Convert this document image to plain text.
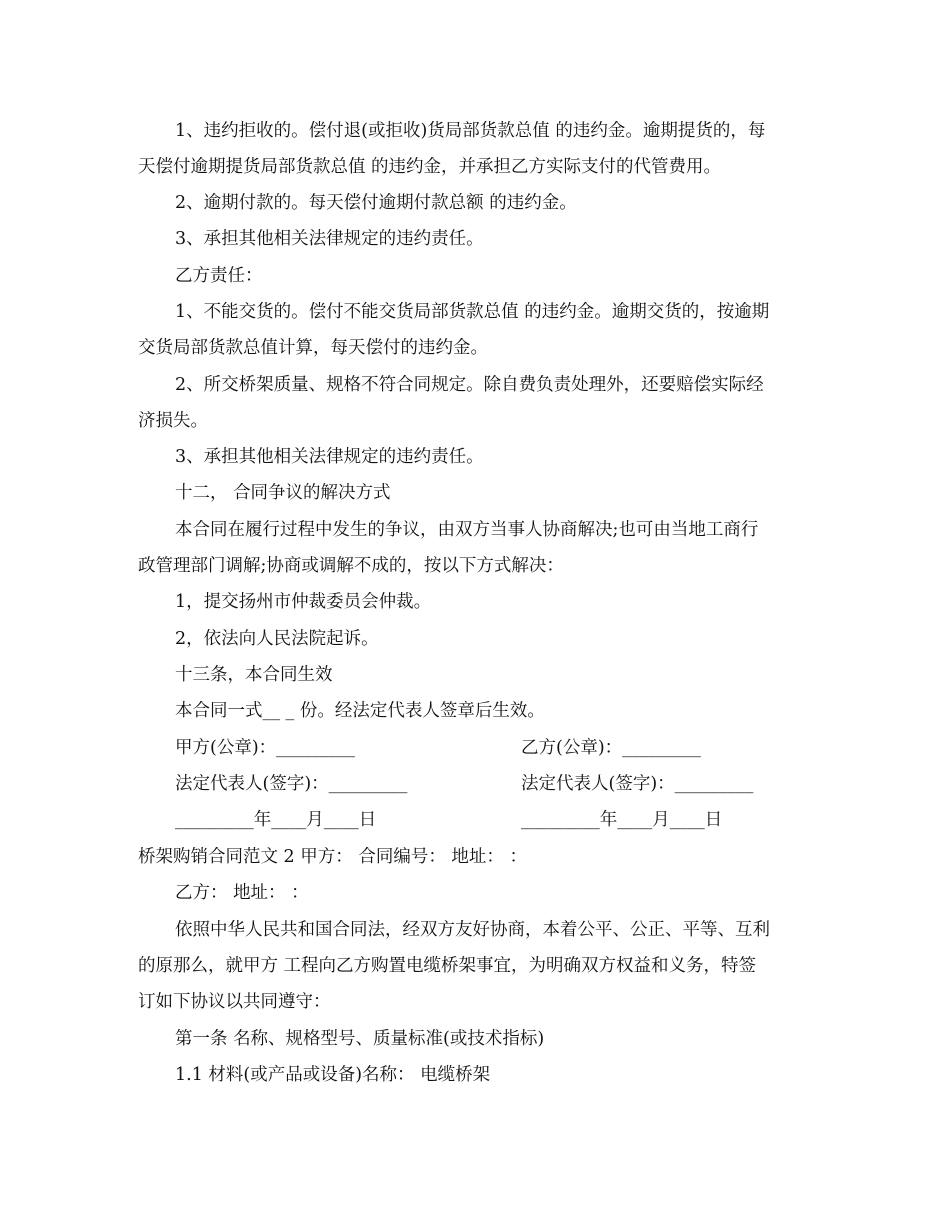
1、违约拒收的。偿付退(或拒收)货局部货款总值 的违约金。逾期提货的，每
天偿付逾期提货局部货款总值 的违约金，并承担乙方实际支付的代管费用。
2、逾期付款的。每天偿付逾期付款总额 的违约金。
3、承担其他相关法律规定的违约责任。
乙方责任：
1、不能交货的。偿付不能交货局部货款总值 的违约金。逾期交货的，按逾期
交货局部货款总值计算，每天偿付的违约金。
2、所交桥架质量、规格不符合同规定。除自费负责处理外，还要赔偿实际经
济损失。
3、承担其他相关法律规定的违约责任。
十二， 合同争议的解决方式
本合同在履行过程中发生的争议，由双方当事人协商解决;也可由当地工商行
政管理部门调解;协商或调解不成的，按以下方式解决：
1，提交扬州市仲裁委员会仲裁。
2，依法向人民法院起诉。
十三条，本合同生效
本合同一式__ _ 份。经法定代表人签章后生效。
甲方(公章)：_________	乙方(公章)：_________
法定代表人(签字)：_________	法定代表人(签字)：_________
_________年____月____日	_________年____月____日
桥架购销合同范文 2 甲方： 合同编号： 地址： ：
乙方： 地址： ：
依照中华人民共和国合同法，经双方友好协商，本着公平、公正、平等、互利
的原那么，就甲方 工程向乙方购置电缆桥架事宜，为明确双方权益和义务，特签
订如下协议以共同遵守：
第一条 名称、规格型号、质量标准(或技术指标)
1.1 材料(或产品或设备)名称： 电缆桥架
